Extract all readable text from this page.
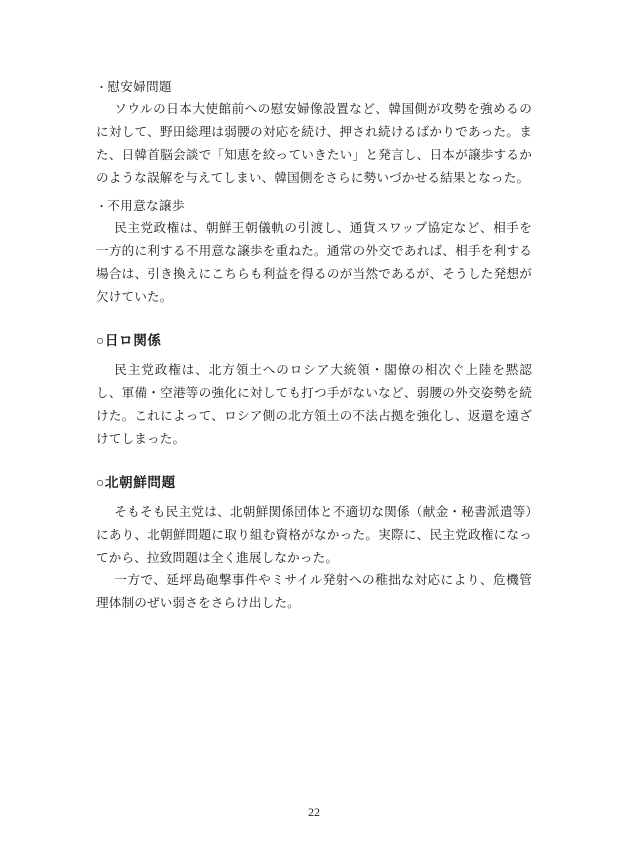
・慰安婦問題

ソウルの日本大使館前への慰安婦像設置など、韓国側が攻勢を強めるのに対して、野田総理は弱腰の対応を続け、押され続けるばかりであった。また、日韓首脳会談で「知恵を絞っていきたい」と発言し、日本が譲歩するかのような誤解を与えてしまい、韓国側をさらに勢いづかせる結果となった。

・不用意な譲歩

民主党政権は、朝鮮王朝儀軌の引渡し、通貨スワップ協定など、相手を一方的に利する不用意な譲歩を重ねた。通常の外交であれば、相手を利する場合は、引き換えにこちらも利益を得るのが当然であるが、そうした発想が欠けていた。

○日ロ関係

民主党政権は、北方領土へのロシア大統領・閣僚の相次ぐ上陸を黙認し、軍備・空港等の強化に対しても打つ手がないなど、弱腰の外交姿勢を続けた。これによって、ロシア側の北方領土の不法占拠を強化し、返還を遠ざけてしまった。

○北朝鮮問題

そもそも民主党は、北朝鮮関係団体と不適切な関係（献金・秘書派遣等）にあり、北朝鮮問題に取り組む資格がなかった。実際に、民主党政権になってから、拉致問題は全く進展しなかった。

一方で、延坪島砲撃事件やミサイル発射への稚拙な対応により、危機管理体制のぜい弱さをさらけ出した。

22
